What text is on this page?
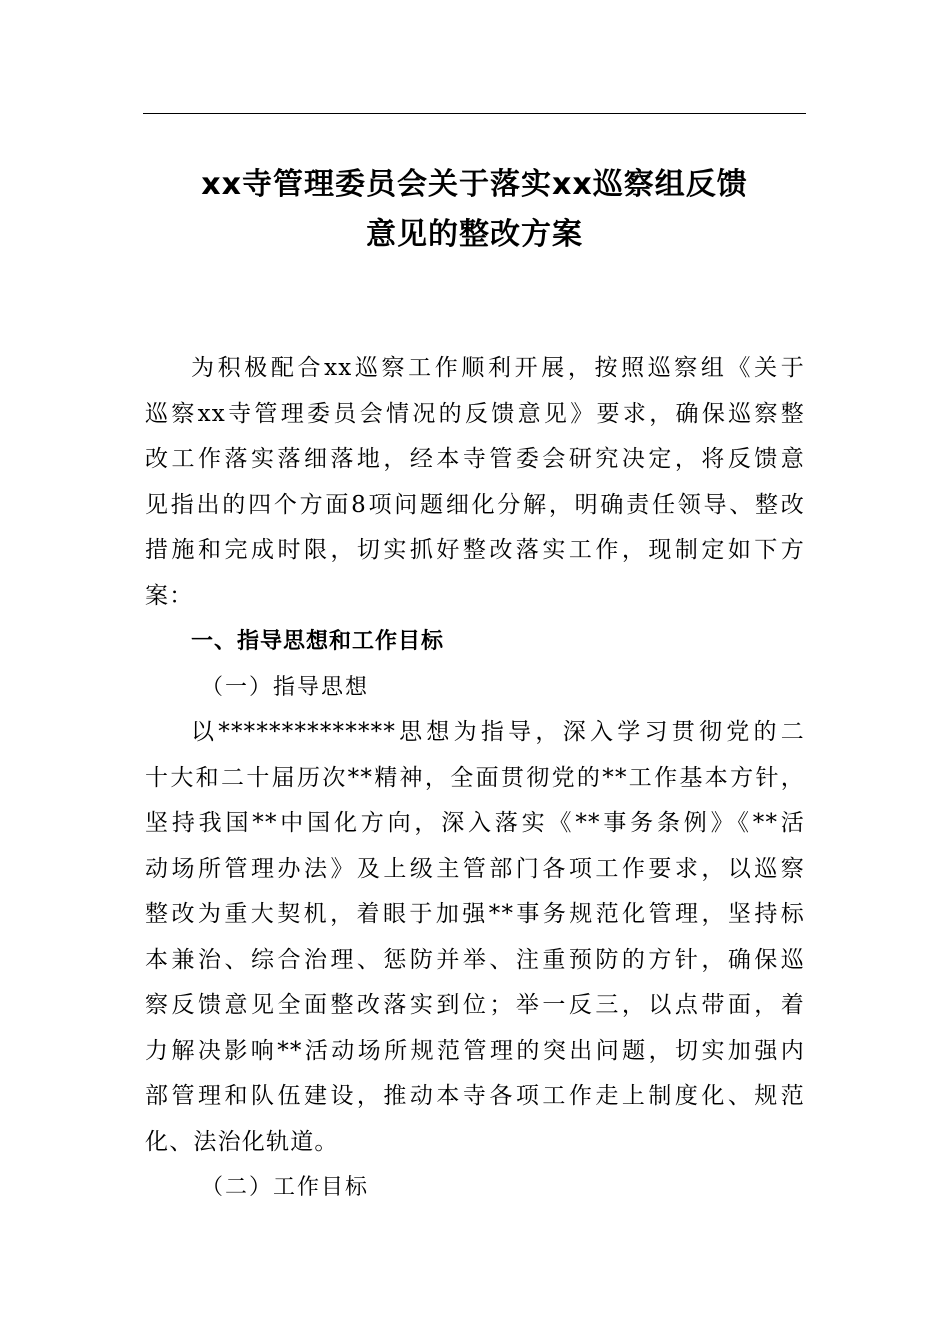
xx寺管理委员会关于落实xx巡察组反馈
意见的整改方案
为积极配合xx巡察工作顺利开展，按照巡察组《关于
巡察xx寺管理委员会情况的反馈意见》要求，确保巡察整
改工作落实落细落地，经本寺管委会研究决定，将反馈意
见指出的四个方面8项问题细化分解，明确责任领导、整改
措施和完成时限，切实抓好整改落实工作，现制定如下方
案：
一、指导思想和工作目标
（一）指导思想
以**************思想为指导，深入学习贯彻党的二
十大和二十届历次**精神，全面贯彻党的**工作基本方针，
坚持我国**中国化方向，深入落实《**事务条例》《**活
动场所管理办法》及上级主管部门各项工作要求，以巡察
整改为重大契机，着眼于加强**事务规范化管理，坚持标
本兼治、综合治理、惩防并举、注重预防的方针，确保巡
察反馈意见全面整改落实到位；举一反三，以点带面，着
力解决影响**活动场所规范管理的突出问题，切实加强内
部管理和队伍建设，推动本寺各项工作走上制度化、规范
化、法治化轨道。
（二）工作目标
